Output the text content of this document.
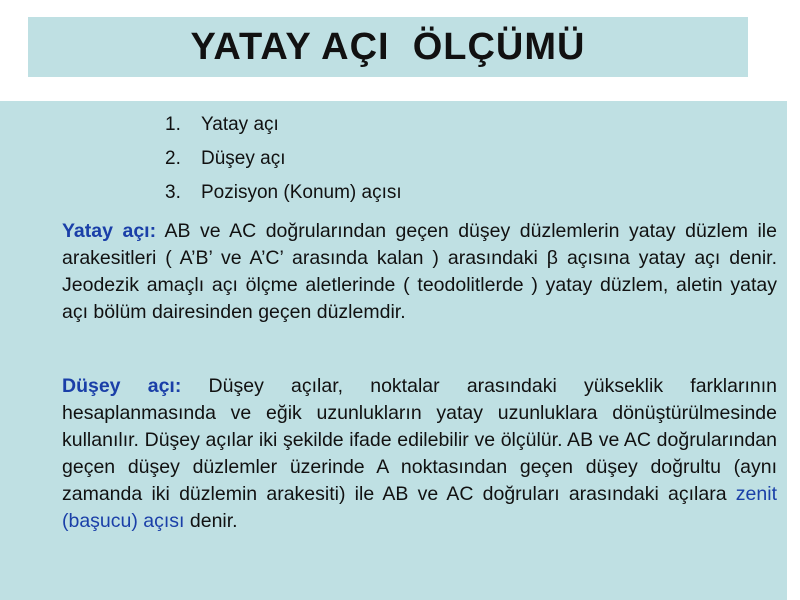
YATAY AÇI  ÖLÇÜMÜ
1.	Yatay açı
2.	Düşey açı
3.	Pozisyon (Konum) açısı
Yatay açı: AB ve AC doğrularından geçen düşey düzlemlerin yatay düzlem ile arakesitleri ( A’B’ ve A’C’ arasında kalan ) arasındaki β açısına yatay açı denir. Jeodezik amaçlı açı ölçme aletlerinde ( teodolitlerde ) yatay düzlem, aletin yatay açı bölüm dairesinden geçen düzlemdir.
Düşey açı: Düşey açılar, noktalar arasındaki yükseklik farklarının hesaplanmasında ve eğik uzunlukların yatay uzunluklara dönüştürülmesinde kullanılır. Düşey açılar iki şekilde ifade edilebilir ve ölçülür. AB ve AC doğrularından geçen düşey düzlemler üzerinde A noktasından geçen düşey doğrultu (aynı zamanda iki düzlemin arakesiti) ile AB ve AC doğruları arasındaki açılara zenit (başucu) açısı denir.
